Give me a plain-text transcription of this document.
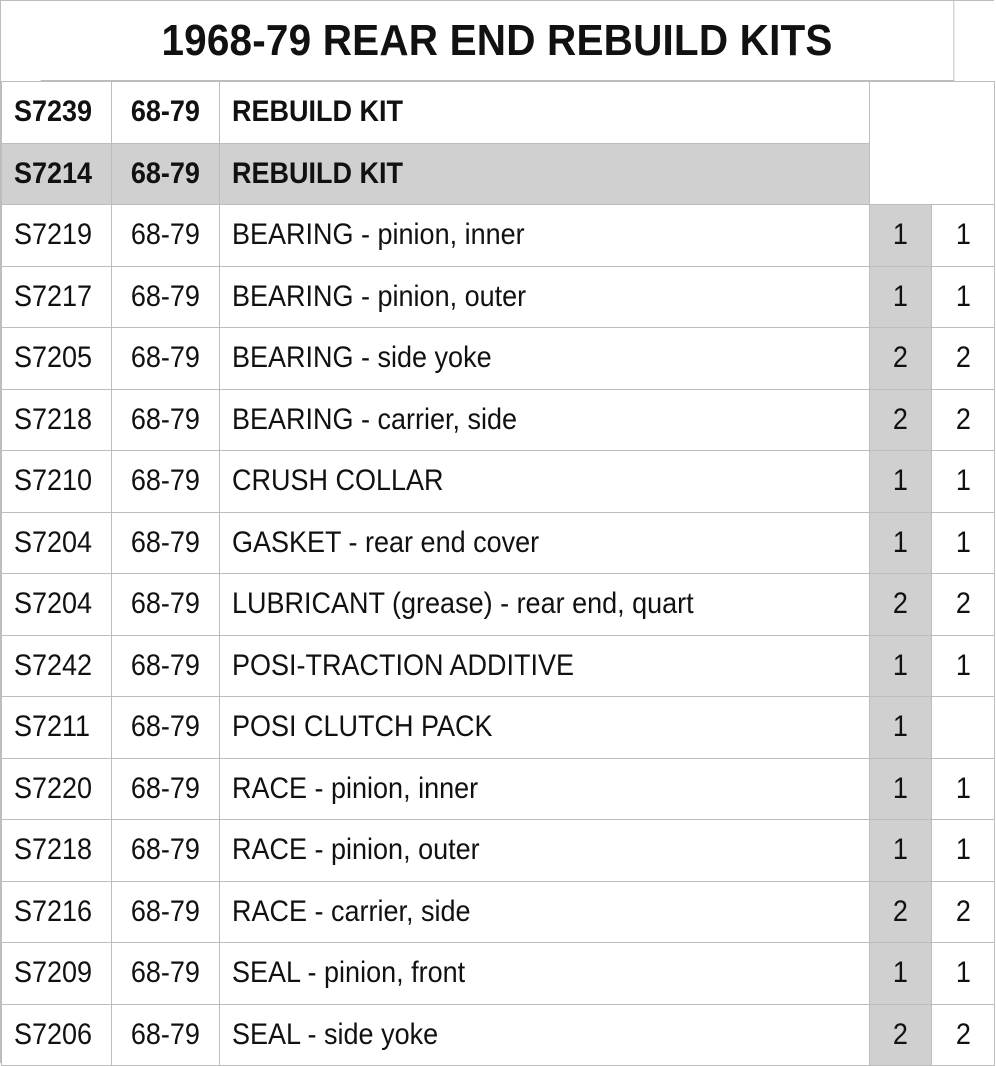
1968-79 REAR END REBUILD KITS
S7239	68-79	REBUILD KIT		
S7214	68-79	REBUILD KIT		
S7219	68-79	BEARING - pinion, inner	1	1
S7217	68-79	BEARING - pinion, outer	1	1
S7205	68-79	BEARING - side yoke	2	2
S7218	68-79	BEARING - carrier, side	2	2
S7210	68-79	CRUSH COLLAR	1	1
S7204	68-79	GASKET - rear end cover	1	1
S7204	68-79	LUBRICANT (grease) - rear end, quart	2	2
S7242	68-79	POSI-TRACTION ADDITIVE	1	1
S7211	68-79	POSI CLUTCH PACK	1	
S7220	68-79	RACE - pinion, inner	1	1
S7218	68-79	RACE - pinion, outer	1	1
S7216	68-79	RACE - carrier, side	2	2
S7209	68-79	SEAL - pinion, front	1	1
S7206	68-79	SEAL - side yoke	2	2
